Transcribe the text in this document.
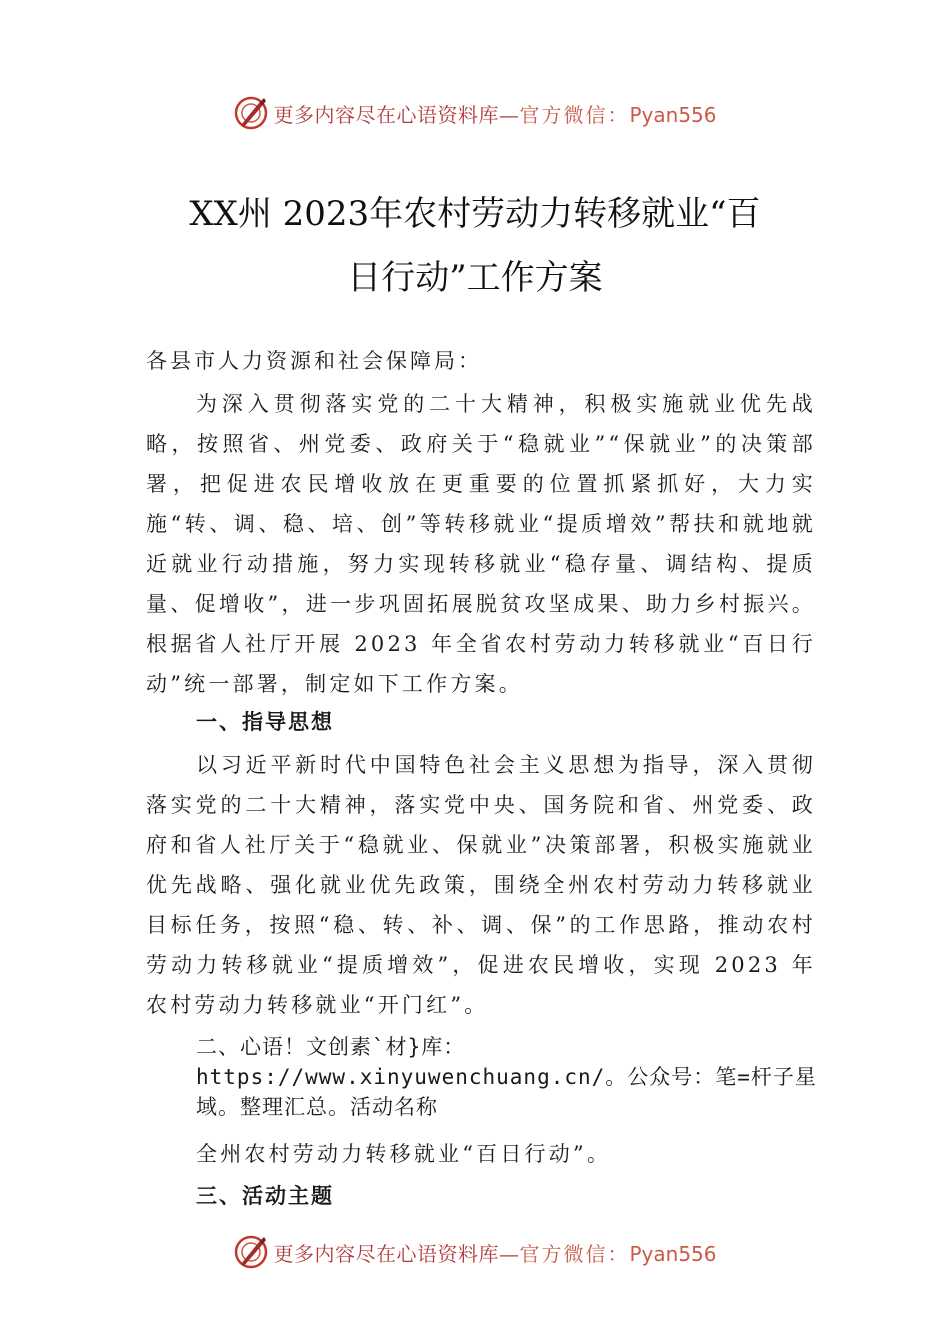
更多内容尽在心语资料库— 官方微信：Pyan556
XX州 2023年农村劳动力转移就业“百
日行动”工作方案
各县市人力资源和社会保障局：
为深入贯彻落实党的二十大精神，积极实施就业优先战略，按照省、州党委、政府关于“稳就业”“保就业”的决策部署，把促进农民增收放在更重要的位置抓紧抓好，大力实施“转、调、稳、培、创”等转移就业“提质增效”帮扶和就地就近就业行动措施，努力实现转移就业“稳存量、调结构、提质量、促增收”，进一步巩固拓展脱贫攻坚成果、助力乡村振兴。根据省人社厅开展 2023 年全省农村劳动力转移就业“百日行动”统一部署，制定如下工作方案。
一、指导思想
以习近平新时代中国特色社会主义思想为指导，深入贯彻落实党的二十大精神，落实党中央、国务院和省、州党委、政府和省人社厅关于“稳就业、保就业”决策部署，积极实施就业优先战略、强化就业优先政策，围绕全州农村劳动力转移就业目标任务，按照“稳、转、补、调、保”的工作思路，推动农村劳动力转移就业“提质增效”，促进农民增收，实现 2023 年农村劳动力转移就业“开门红”。
二、心语！文创素`材}库：https://www.xinyuwenchuang.cn/。公众号：笔=杆子星域。整理汇总。活动名称
全州农村劳动力转移就业“百日行动”。
三、活动主题
更多内容尽在心语资料库— 官方微信：Pyan556
